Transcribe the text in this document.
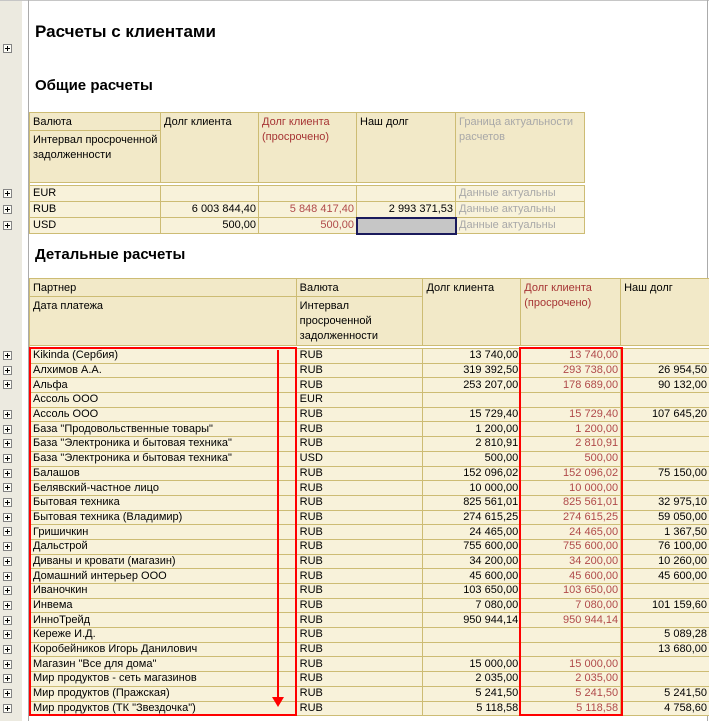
Расчеты с клиентами
Общие расчеты
Детальные расчеты
Валюта	Долг клиента	Долг клиента (просрочено)	Наш долг	Граница актуальности расчетов
Интервал просроченной задолженности				

EUR				Данные актуальны
RUB	6 003 844,40	5 848 417,40	2 993 371,53	Данные актуальны
USD	500,00	500,00		Данные актуальны
Партнер	Валюта	Долг клиента	Долг клиента (просрочено)	Наш долг
Дата платежа	Интервал просроченной задолженности			

Kikinda (Сербия)	RUB	13 740,00	13 740,00	
Алхимов А.А.	RUB	319 392,50	293 738,00	26 954,50
Альфа	RUB	253 207,00	178 689,00	90 132,00
Ассоль ООО	EUR			
Ассоль ООО	RUB	15 729,40	15 729,40	107 645,20
База "Продовольственные товары"	RUB	1 200,00	1 200,00	
База "Электроника и бытовая техника"	RUB	2 810,91	2 810,91	
База "Электроника и бытовая техника"	USD	500,00	500,00	
Балашов	RUB	152 096,02	152 096,02	75 150,00
Белявский-частное лицо	RUB	10 000,00	10 000,00	
Бытовая техника	RUB	825 561,01	825 561,01	32 975,10
Бытовая техника (Владимир)	RUB	274 615,25	274 615,25	59 050,00
Гришичкин	RUB	24 465,00	24 465,00	1 367,50
Дальстрой	RUB	755 600,00	755 600,00	76 100,00
Диваны и кровати (магазин)	RUB	34 200,00	34 200,00	10 260,00
Домашний интерьер ООО	RUB	45 600,00	45 600,00	45 600,00
Иваночкин	RUB	103 650,00	103 650,00	
Инвема	RUB	7 080,00	7 080,00	101 159,60
ИнноТрейд	RUB	950 944,14	950 944,14	
Кереже И.Д.	RUB			5 089,28
Коробейников Игорь Данилович	RUB			13 680,00
Магазин "Все для дома"	RUB	15 000,00	15 000,00	
Мир продуктов - сеть магазинов	RUB	2 035,00	2 035,00	
Мир продуктов (Пражская)	RUB	5 241,50	5 241,50	5 241,50
Мир продуктов (ТК "Звездочка")	RUB	5 118,58	5 118,58	4 758,60
